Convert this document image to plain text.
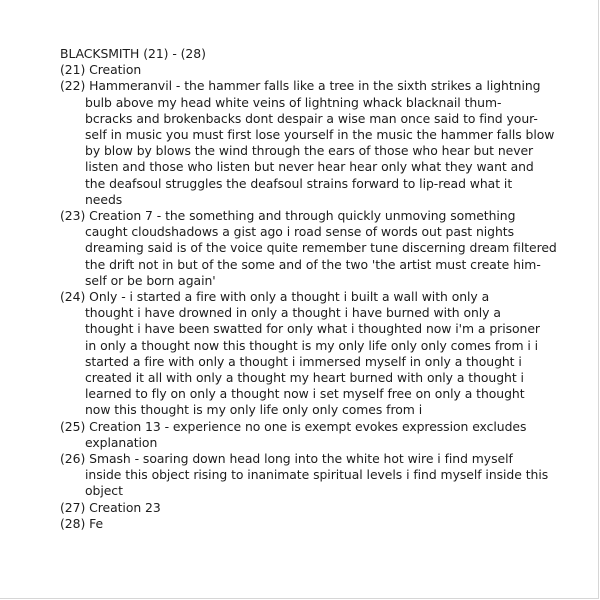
BLACKSMITH (21) - (28)
(21) Creation
(22) Hammeranvil - the hammer falls like a tree in the sixth strikes a lightning
bulb above my head white veins of lightning whack blacknail thum-
bcracks and brokenbacks dont despair a wise man once said to find your-
self in music you must first lose yourself in the music the hammer falls blow
by blow by blows the wind through the ears of those who hear but never
listen and those who listen but never hear hear only what they want and
the deafsoul struggles the deafsoul strains forward to lip-read what it
needs
(23) Creation 7 - the something and through quickly unmoving something
caught cloudshadows a gist ago i road sense of words out past nights
dreaming said is of the voice quite remember tune discerning dream filtered
the drift not in but of the some and of the two 'the artist must create him-
self or be born again'
(24) Only - i started a fire with only a thought i built a wall with only a
thought i have drowned in only a thought i have burned with only a
thought i have been swatted for only what i thoughted now i'm a prisoner
in only a thought now this thought is my only life only only comes from i i
started a fire with only a thought i immersed myself in only a thought i
created it all with only a thought my heart burned with only a thought i
learned to fly on only a thought now i set myself free on only a thought
now this thought is my only life only only comes from i
(25) Creation 13 - experience no one is exempt evokes expression excludes
explanation
(26) Smash - soaring down head long into the white hot wire i find myself
inside this object rising to inanimate spiritual levels i find myself inside this
object
(27) Creation 23
(28) Fe
